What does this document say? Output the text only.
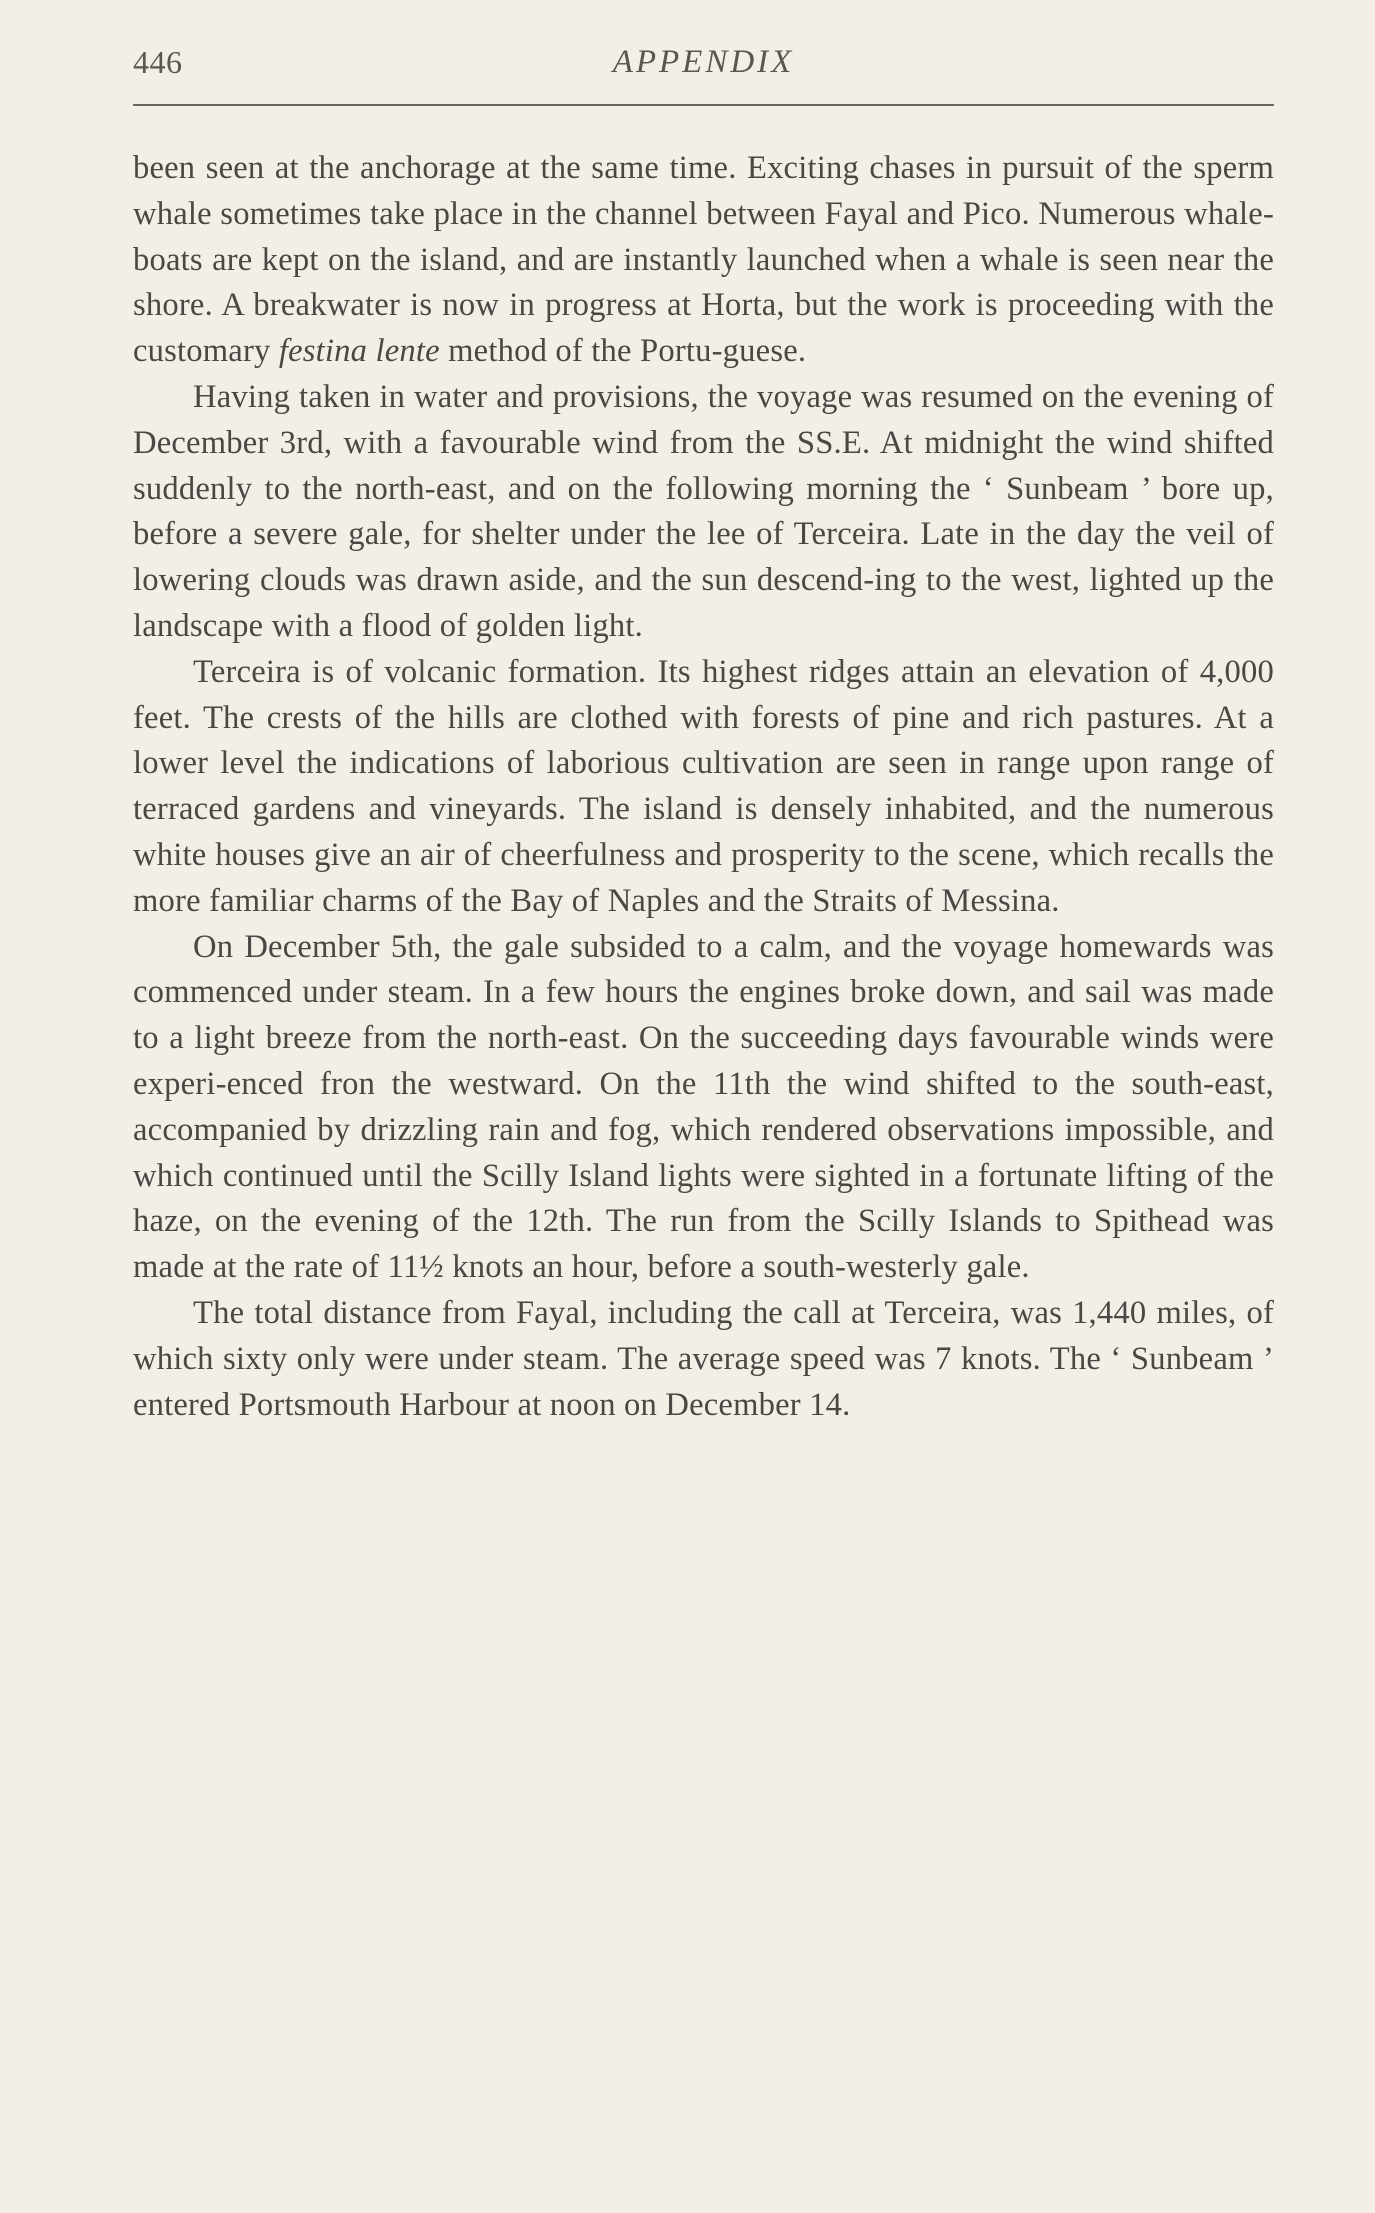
446	APPENDIX

been seen at the anchorage at the same time. Exciting chases in pursuit of the sperm whale sometimes take place in the channel between Fayal and Pico. Numerous whale-boats are kept on the island, and are instantly launched when a whale is seen near the shore. A breakwater is now in progress at Horta, but the work is proceeding with the customary festina lente method of the Portu-guese.

Having taken in water and provisions, the voyage was resumed on the evening of December 3rd, with a favourable wind from the SS.E. At midnight the wind shifted suddenly to the north-east, and on the following morning the ‘ Sunbeam ’ bore up, before a severe gale, for shelter under the lee of Terceira. Late in the day the veil of lowering clouds was drawn aside, and the sun descend-ing to the west, lighted up the landscape with a flood of golden light.

Terceira is of volcanic formation. Its highest ridges attain an elevation of 4,000 feet. The crests of the hills are clothed with forests of pine and rich pastures. At a lower level the indications of laborious cultivation are seen in range upon range of terraced gardens and vineyards. The island is densely inhabited, and the numerous white houses give an air of cheerfulness and prosperity to the scene, which recalls the more familiar charms of the Bay of Naples and the Straits of Messina.

On December 5th, the gale subsided to a calm, and the voyage homewards was commenced under steam. In a few hours the engines broke down, and sail was made to a light breeze from the north-east. On the succeeding days favourable winds were experi-enced fron the westward. On the 11th the wind shifted to the south-east, accompanied by drizzling rain and fog, which rendered observations impossible, and which continued until the Scilly Island lights were sighted in a fortunate lifting of the haze, on the evening of the 12th. The run from the Scilly Islands to Spithead was made at the rate of 11½ knots an hour, before a south-westerly gale.

The total distance from Fayal, including the call at Terceira, was 1,440 miles, of which sixty only were under steam. The average speed was 7 knots. The ‘ Sunbeam ’ entered Portsmouth Harbour at noon on December 14.
